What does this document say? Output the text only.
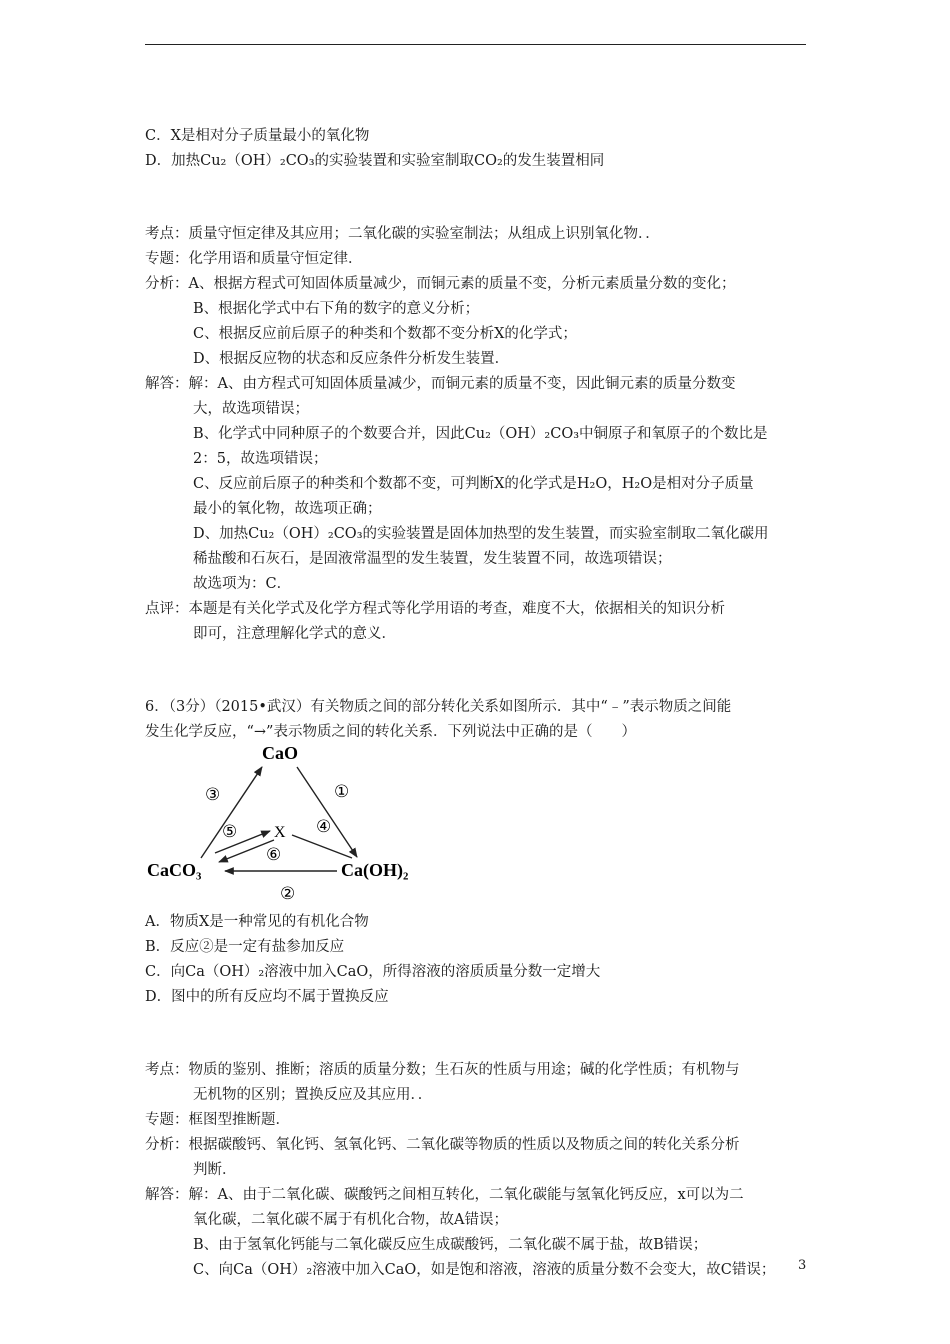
C．X是相对分子质量最小的氧化物
D．加热Cu₂（OH）₂CO₃的实验装置和实验室制取CO₂的发生装置相同
考点：质量守恒定律及其应用；二氧化碳的实验室制法；从组成上识别氧化物．．
专题：化学用语和质量守恒定律．
分析：A、根据方程式可知固体质量减少，而铜元素的质量不变，分析元素质量分数的变化；
B、根据化学式中右下角的数字的意义分析；
C、根据反应前后原子的种类和个数都不变分析X的化学式；
D、根据反应物的状态和反应条件分析发生装置．
解答：解：A、由方程式可知固体质量减少，而铜元素的质量不变，因此铜元素的质量分数变
大，故选项错误；
B、化学式中同种原子的个数要合并，因此Cu₂（OH）₂CO₃中铜原子和氧原子的个数比是
2：5，故选项错误；
C、反应前后原子的种类和个数都不变，可判断X的化学式是H₂O，H₂O是相对分子质量
最小的氧化物，故选项正确；
D、加热Cu₂（OH）₂CO₃的实验装置是固体加热型的发生装置，而实验室制取二氧化碳用
稀盐酸和石灰石，是固液常温型的发生装置，发生装置不同，故选项错误；
故选项为：C．
点评：本题是有关化学式及化学方程式等化学用语的考查，难度不大，依据相关的知识分析
即可，注意理解化学式的意义．
6．（3分）（2015•武汉）有关物质之间的部分转化关系如图所示．其中“﹣”表示物质之间能
发生化学反应，“→”表示物质之间的转化关系．下列说法中正确的是（　　）
CaO
CaCO₃	Ca(OH)₂
X
①
②
③
④
⑤
⑥
A．物质X是一种常见的有机化合物
B．反应②是一定有盐参加反应
C．向Ca（OH）₂溶液中加入CaO，所得溶液的溶质质量分数一定增大
D．图中的所有反应均不属于置换反应
考点：物质的鉴别、推断；溶质的质量分数；生石灰的性质与用途；碱的化学性质；有机物与
无机物的区别；置换反应及其应用．．
专题：框图型推断题．
分析：根据碳酸钙、氧化钙、氢氧化钙、二氧化碳等物质的性质以及物质之间的转化关系分析
判断．
解答：解：A、由于二氧化碳、碳酸钙之间相互转化，二氧化碳能与氢氧化钙反应，x可以为二
氧化碳，二氧化碳不属于有机化合物，故A错误；
B、由于氢氧化钙能与二氧化碳反应生成碳酸钙，二氧化碳不属于盐，故B错误；
C、向Ca（OH）₂溶液中加入CaO，如是饱和溶液，溶液的质量分数不会变大，故C错误；	3
